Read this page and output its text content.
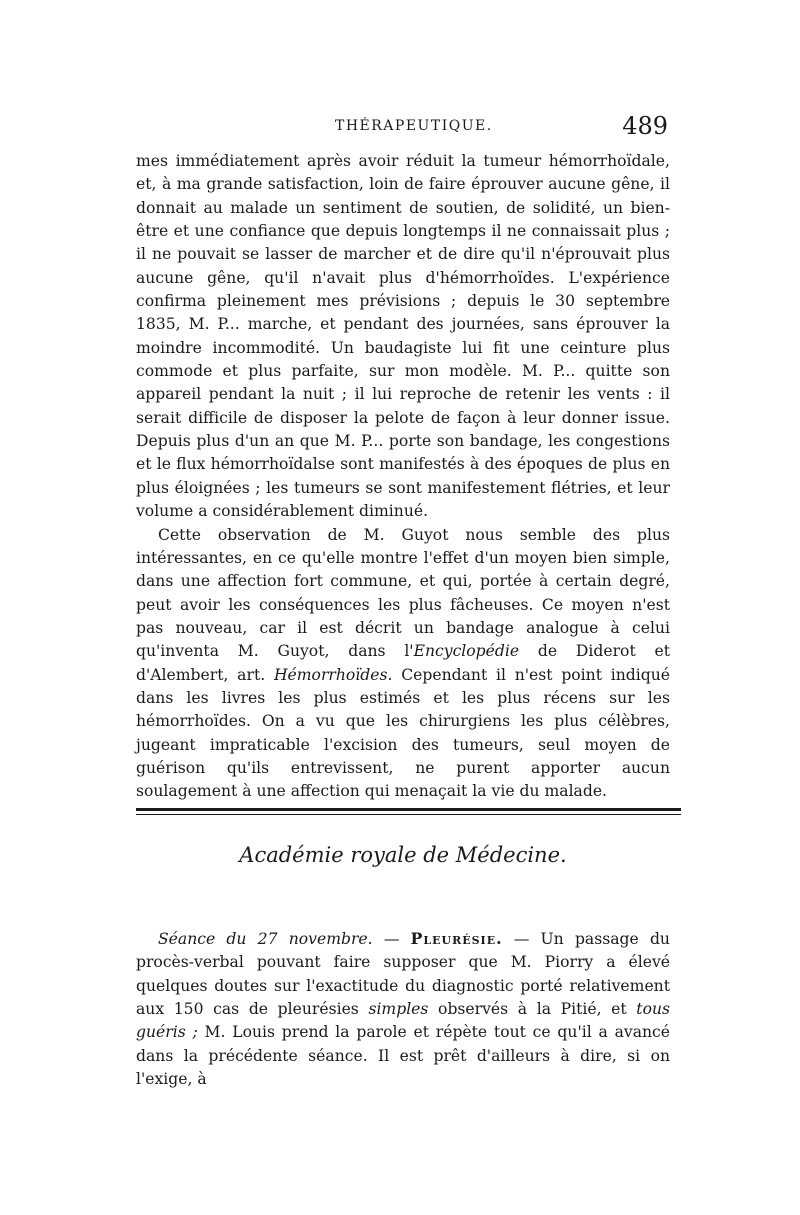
THÉRAPEUTIQUE.	489

mes immédiatement après avoir réduit la tumeur hémorrhoïdale, et, à ma grande satisfaction, loin de faire éprouver aucune gêne, il donnait au malade un sentiment de soutien, de solidité, un bien-être et une confiance que depuis longtemps il ne connaissait plus ; il ne pouvait se lasser de marcher et de dire qu'il n'éprouvait plus aucune gêne, qu'il n'avait plus d'hémorrhoïdes. L'expérience confirma pleinement mes prévisions ; depuis le 30 septembre 1835, M. P... marche, et pendant des journées, sans éprouver la moindre incommodité. Un baudagiste lui fit une ceinture plus commode et plus parfaite, sur mon modèle. M. P... quitte son appareil pendant la nuit ; il lui reproche de retenir les vents : il serait difficile de disposer la pelote de façon à leur donner issue. Depuis plus d'un an que M. P... porte son bandage, les congestions et le flux hémorrhoïdalse sont manifestés à des époques de plus en plus éloignées ; les tumeurs se sont manifestement flétries, et leur volume a considérablement diminué.

Cette observation de M. Guyot nous semble des plus intéressantes, en ce qu'elle montre l'effet d'un moyen bien simple, dans une affection fort commune, et qui, portée à certain degré, peut avoir les conséquences les plus fâcheuses. Ce moyen n'est pas nouveau, car il est décrit un bandage analogue à celui qu'inventa M. Guyot, dans l'Encyclopédie de Diderot et d'Alembert, art. Hémorrhoïdes. Cependant il n'est point indiqué dans les livres les plus estimés et les plus récens sur les hémorrhoïdes. On a vu que les chirurgiens les plus célèbres, jugeant impraticable l'excision des tumeurs, seul moyen de guérison qu'ils entrevissent, ne purent apporter aucun soulagement à une affection qui menaçait la vie du malade.

Académie royale de Médecine.

Séance du 27 novembre. — Pleurésie. — Un passage du procès-verbal pouvant faire supposer que M. Piorry a élevé quelques doutes sur l'exactitude du diagnostic porté relativement aux 150 cas de pleurésies simples observés à la Pitié, et tous guéris ; M. Louis prend la parole et répète tout ce qu'il a avancé dans la précédente séance. Il est prêt d'ailleurs à dire, si on l'exige, à
